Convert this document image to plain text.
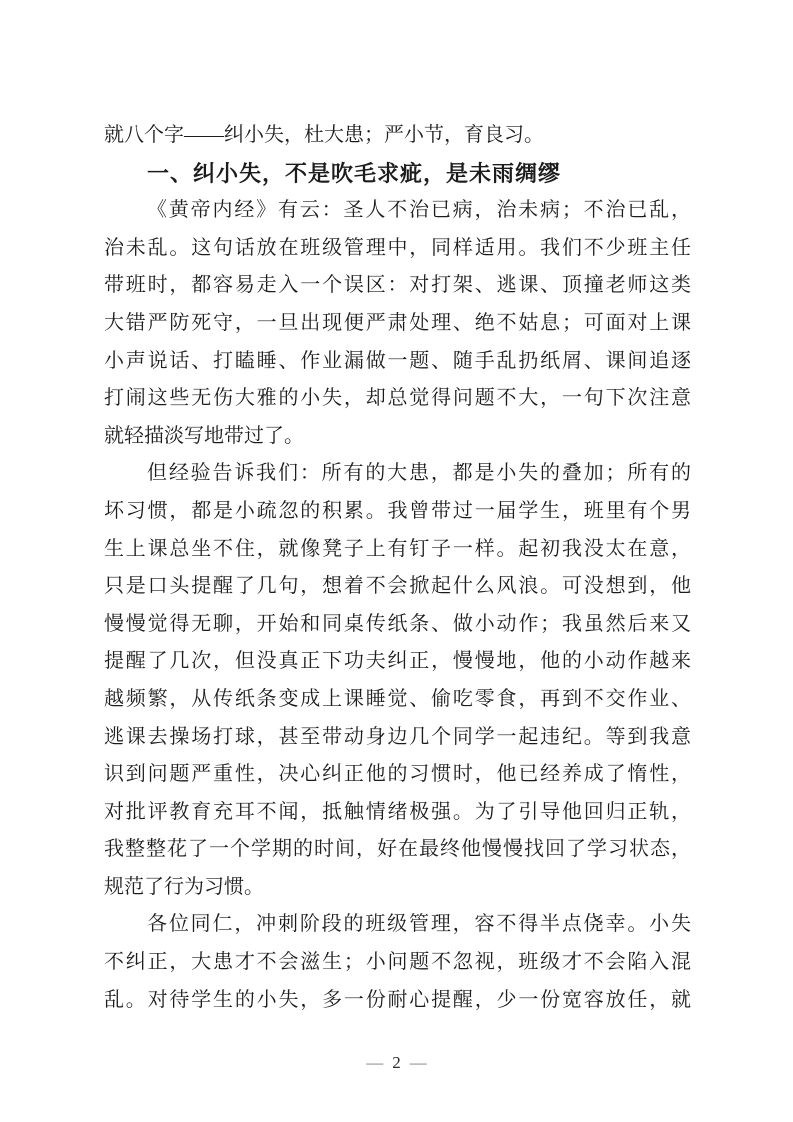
就八个字——纠小失，杜大患；严小节，育良习。
一、纠小失，不是吹毛求疵，是未雨绸缪
《黄帝内经》有云：圣人不治已病，治未病；不治已乱，
治未乱。这句话放在班级管理中，同样适用。我们不少班主任
带班时，都容易走入一个误区：对打架、逃课、顶撞老师这类
大错严防死守，一旦出现便严肃处理、绝不姑息；可面对上课
小声说话、打瞌睡、作业漏做一题、随手乱扔纸屑、课间追逐
打闹这些无伤大雅的小失，却总觉得问题不大，一句下次注意
就轻描淡写地带过了。
但经验告诉我们：所有的大患，都是小失的叠加；所有的
坏习惯，都是小疏忽的积累。我曾带过一届学生，班里有个男
生上课总坐不住，就像凳子上有钉子一样。起初我没太在意，
只是口头提醒了几句，想着不会掀起什么风浪。可没想到，他
慢慢觉得无聊，开始和同桌传纸条、做小动作；我虽然后来又
提醒了几次，但没真正下功夫纠正，慢慢地，他的小动作越来
越频繁，从传纸条变成上课睡觉、偷吃零食，再到不交作业、
逃课去操场打球，甚至带动身边几个同学一起违纪。等到我意
识到问题严重性，决心纠正他的习惯时，他已经养成了惰性，
对批评教育充耳不闻，抵触情绪极强。为了引导他回归正轨，
我整整花了一个学期的时间，好在最终他慢慢找回了学习状态，
规范了行为习惯。
各位同仁，冲刺阶段的班级管理，容不得半点侥幸。小失
不纠正，大患才不会滋生；小问题不忽视，班级才不会陷入混
乱。对待学生的小失，多一份耐心提醒，少一份宽容放任，就
— 2 —
